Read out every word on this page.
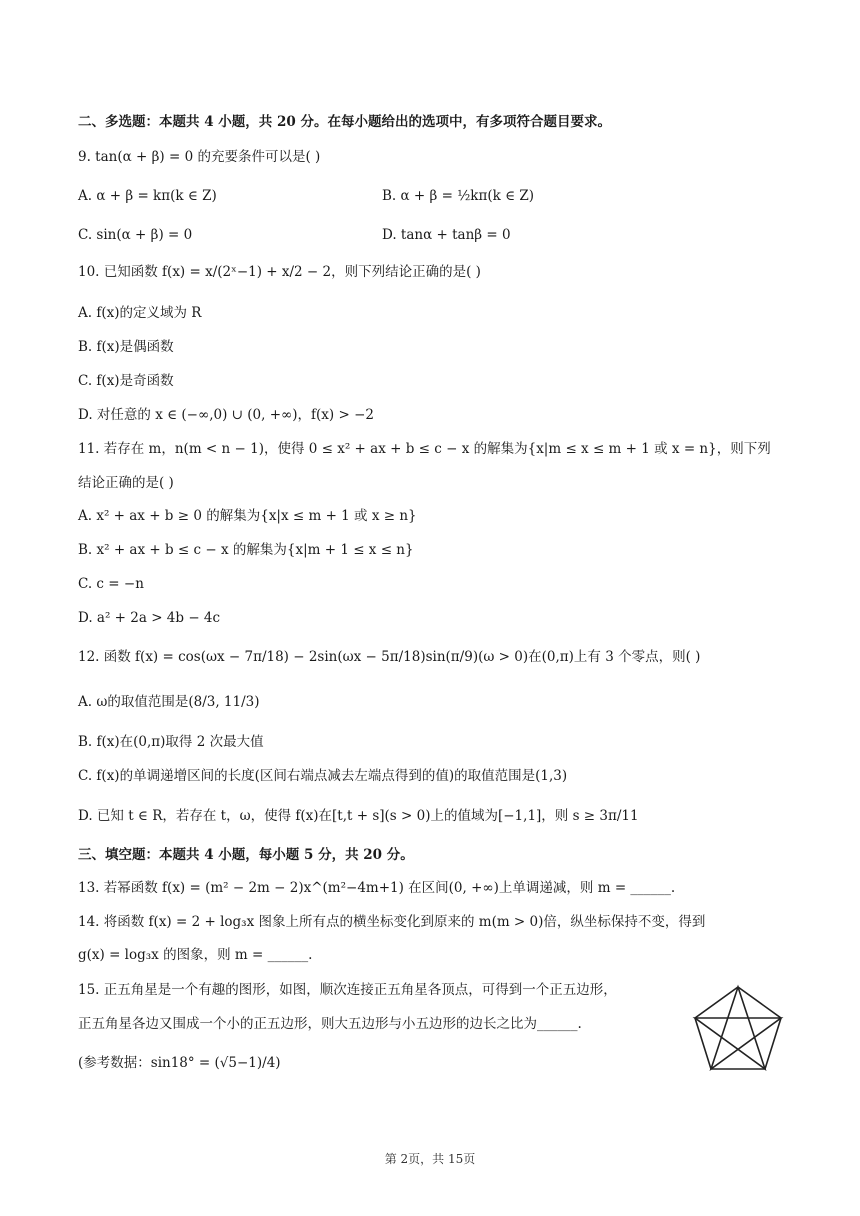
二、多选题：本题共 4 小题，共 20 分。在每小题给出的选项中，有多项符合题目要求。
9. tan(α + β) = 0 的充要条件可以是( )
A. α + β = kπ(k ∈ Z)	B. α + β = ½kπ(k ∈ Z)
C. sin(α + β) = 0	D. tanα + tanβ = 0
10. 已知函数 f(x) = x/(2ˣ−1) + x/2 − 2，则下列结论正确的是( )
A. f(x)的定义域为 R
B. f(x)是偶函数
C. f(x)是奇函数
D. 对任意的 x ∈ (−∞,0) ∪ (0, +∞)，f(x) > −2
11. 若存在 m，n(m < n − 1)，使得 0 ≤ x² + ax + b ≤ c − x 的解集为{x|m ≤ x ≤ m + 1 或 x = n}，则下列
结论正确的是( )
A. x² + ax + b ≥ 0 的解集为{x|x ≤ m + 1 或 x ≥ n}
B. x² + ax + b ≤ c − x 的解集为{x|m + 1 ≤ x ≤ n}
C. c = −n
D. a² + 2a > 4b − 4c
12. 函数 f(x) = cos(ωx − 7π/18) − 2sin(ωx − 5π/18)sin(π/9)(ω > 0)在(0,π)上有 3 个零点，则( )
A. ω的取值范围是(8/3, 11/3)
B. f(x)在(0,π)取得 2 次最大值
C. f(x)的单调递增区间的长度(区间右端点减去左端点得到的值)的取值范围是(1,3)
D. 已知 t ∈ R，若存在 t，ω，使得 f(x)在[t,t + s](s > 0)上的值域为[−1,1]，则 s ≥ 3π/11
三、填空题：本题共 4 小题，每小题 5 分，共 20 分。
13. 若幂函数 f(x) = (m² − 2m − 2)x^(m²−4m+1) 在区间(0, +∞)上单调递减，则 m = ______.
14. 将函数 f(x) = 2 + log₃x 图象上所有点的横坐标变化到原来的 m(m > 0)倍，纵坐标保持不变，得到
g(x) = log₃x 的图象，则 m = ______.
15. 正五角星是一个有趣的图形，如图，顺次连接正五角星各顶点，可得到一个正五边形，
正五角星各边又围成一个小的正五边形，则大五边形与小五边形的边长之比为______.
(参考数据：sin18° = (√5−1)/4)
第 2页，共 15页
